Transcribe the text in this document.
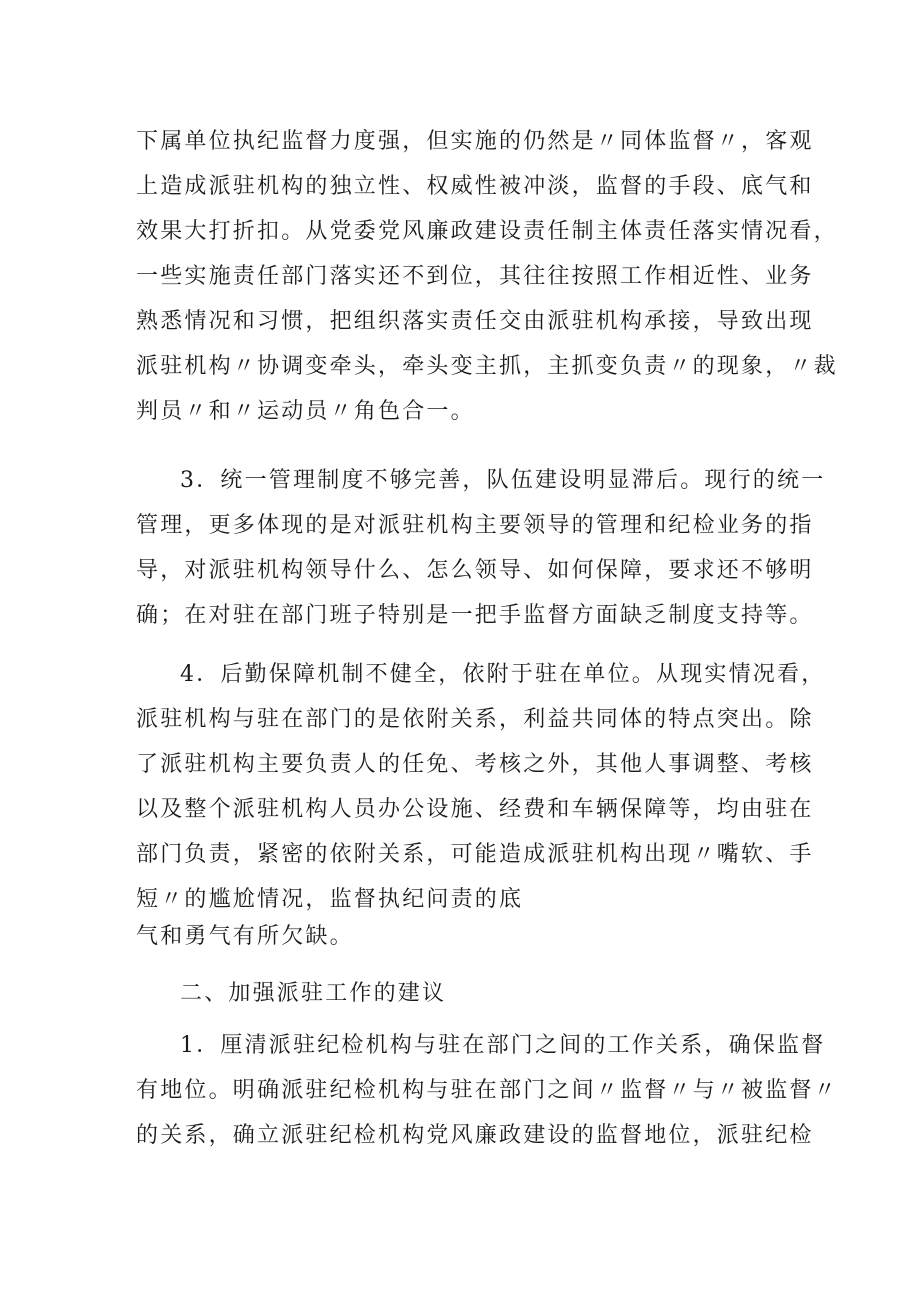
下属单位执纪监督力度强，但实施的仍然是〃同体监督〃，客观
上造成派驻机构的独立性、权威性被冲淡，监督的手段、底气和
效果大打折扣。从党委党风廉政建设责任制主体责任落实情况看，
一些实施责任部门落实还不到位，其往往按照工作相近性、业务
熟悉情况和习惯，把组织落实责任交由派驻机构承接，导致出现
派驻机构〃协调变牵头，牵头变主抓，主抓变负责〃的现象，〃裁
判员〃和〃运动员〃角色合一。
3．统一管理制度不够完善，队伍建设明显滞后。现行的统一
管理，更多体现的是对派驻机构主要领导的管理和纪检业务的指
导，对派驻机构领导什么、怎么领导、如何保障，要求还不够明
确；在对驻在部门班子特别是一把手监督方面缺乏制度支持等。
4．后勤保障机制不健全，依附于驻在单位。从现实情况看，
派驻机构与驻在部门的是依附关系，利益共同体的特点突出。除
了派驻机构主要负责人的任免、考核之外，其他人事调整、考核
以及整个派驻机构人员办公设施、经费和车辆保障等，均由驻在
部门负责，紧密的依附关系，可能造成派驻机构出现〃嘴软、手
短〃的尴尬情况，监督执纪问责的底
气和勇气有所欠缺。
二、加强派驻工作的建议
1．厘清派驻纪检机构与驻在部门之间的工作关系，确保监督
有地位。明确派驻纪检机构与驻在部门之间〃监督〃与〃被监督〃
的关系，确立派驻纪检机构党风廉政建设的监督地位，派驻纪检
